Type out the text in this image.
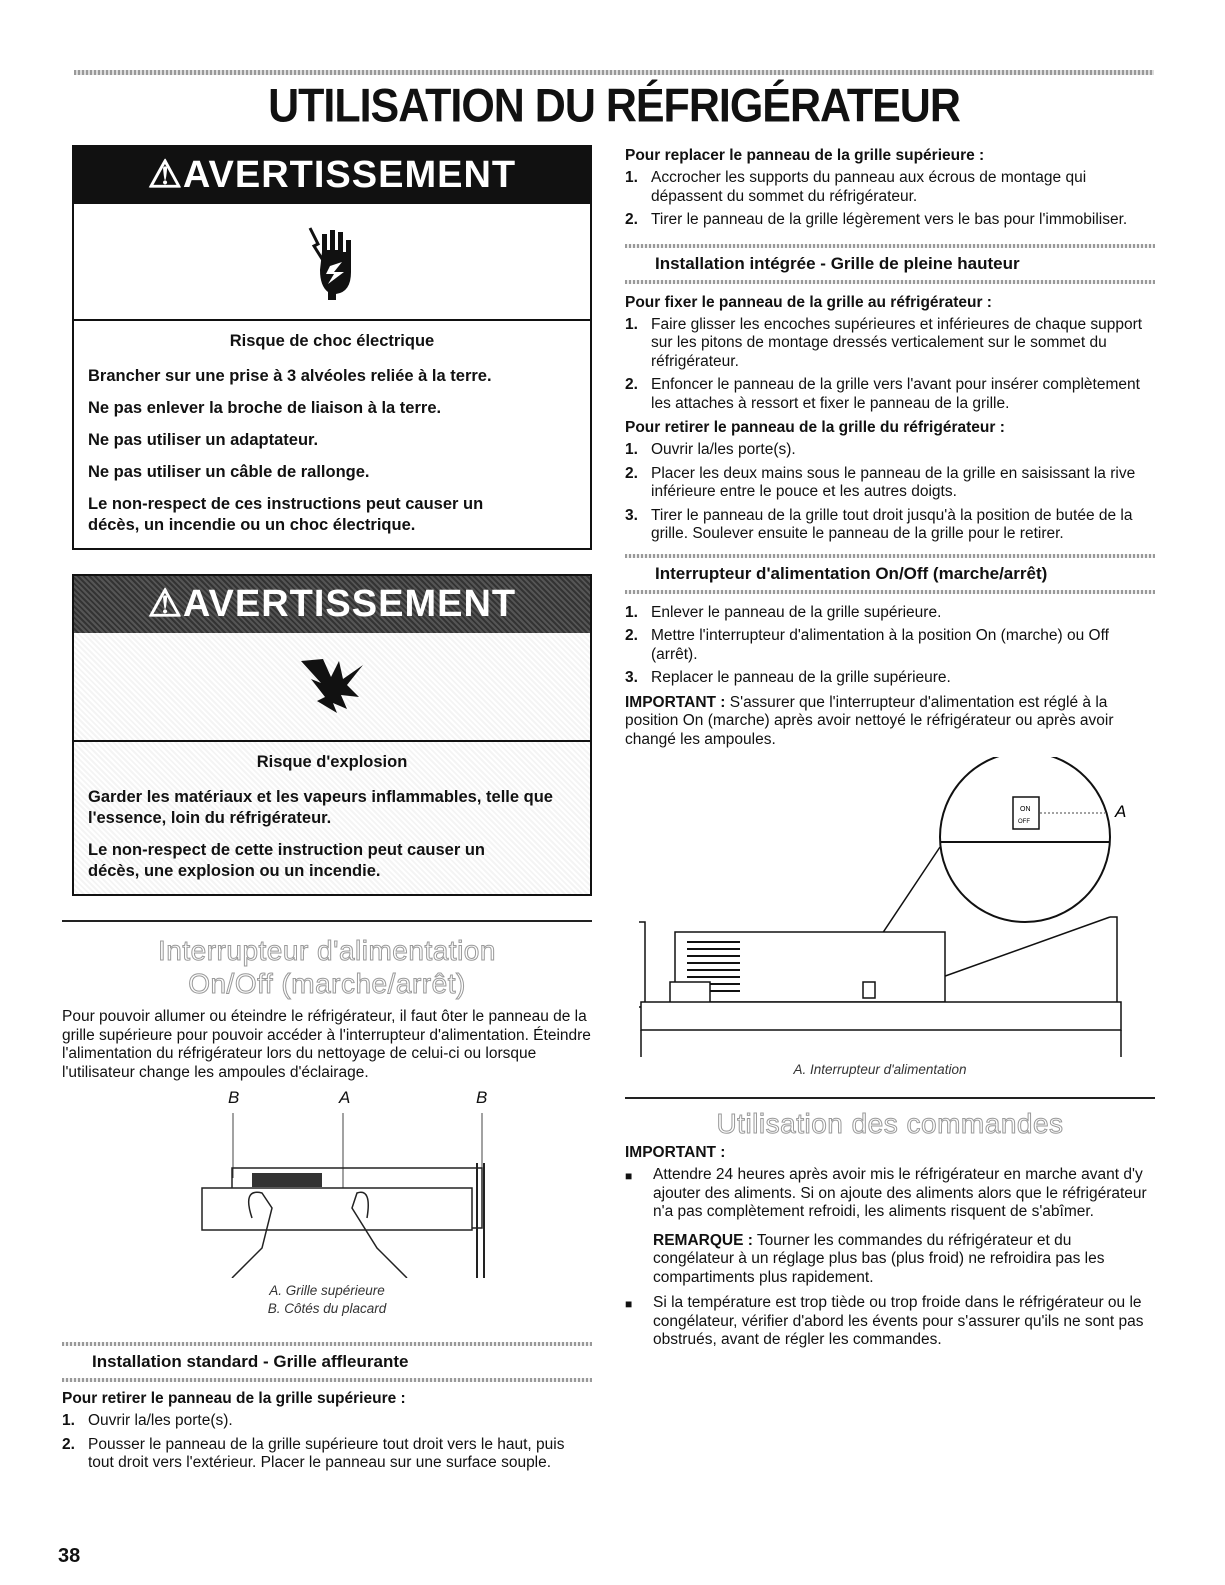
UTILISATION DU RÉFRIGÉRATEUR
⚠AVERTISSEMENT

Risque de choc électrique

Brancher sur une prise à 3 alvéoles reliée à la terre.

Ne pas enlever la broche de liaison à la terre.

Ne pas utiliser un adaptateur.

Ne pas utiliser un câble de rallonge.

Le non-respect de ces instructions peut causer un décès, un incendie ou un choc électrique.

⚠AVERTISSEMENT

Risque d'explosion

Garder les matériaux et les vapeurs inflammables, telle que l'essence, loin du réfrigérateur.

Le non-respect de cette instruction peut causer un décès, une explosion ou un incendie.

Interrupteur d'alimentation On/Off (marche/arrêt)

Pour pouvoir allumer ou éteindre le réfrigérateur, il faut ôter le panneau de la grille supérieure pour pouvoir accéder à l'interrupteur d'alimentation. Éteindre l'alimentation du réfrigérateur lors du nettoyage de celui-ci ou lorsque l'utilisateur change les ampoules d'éclairage.

B	A	B
A. Grille supérieure
B. Côtés du placard

Installation standard - Grille affleurante

Pour retirer le panneau de la grille supérieure :

1. Ouvrir la/les porte(s).
2. Pousser le panneau de la grille supérieure tout droit vers le haut, puis tout droit vers l'extérieur. Placer le panneau sur une surface souple.

Pour replacer le panneau de la grille supérieure :

1. Accrocher les supports du panneau aux écrous de montage qui dépassent du sommet du réfrigérateur.
2. Tirer le panneau de la grille légèrement vers le bas pour l'immobiliser.

Installation intégrée - Grille de pleine hauteur

Pour fixer le panneau de la grille au réfrigérateur :

1. Faire glisser les encoches supérieures et inférieures de chaque support sur les pitons de montage dressés verticalement sur le sommet du réfrigérateur.
2. Enfoncer le panneau de la grille vers l'avant pour insérer complètement les attaches à ressort et fixer le panneau de la grille.

Pour retirer le panneau de la grille du réfrigérateur :

1. Ouvrir la/les porte(s).
2. Placer les deux mains sous le panneau de la grille en saisissant la rive inférieure entre le pouce et les autres doigts.
3. Tirer le panneau de la grille tout droit jusqu'à la position de butée de la grille. Soulever ensuite le panneau de la grille pour le retirer.

Interrupteur d'alimentation On/Off (marche/arrêt)

1. Enlever le panneau de la grille supérieure.
2. Mettre l'interrupteur d'alimentation à la position On (marche) ou Off (arrêt).
3. Replacer le panneau de la grille supérieure.

IMPORTANT : S'assurer que l'interrupteur d'alimentation est réglé à la position On (marche) après avoir nettoyé le réfrigérateur ou après avoir changé les ampoules.

ON
OFF
A
A. Interrupteur d'alimentation
Utilisation des commandes

IMPORTANT :

■	Attendre 24 heures après avoir mis le réfrigérateur en marche avant d'y ajouter des aliments. Si on ajoute des aliments alors que le réfrigérateur n'a pas complètement refroidi, les aliments risquent de s'abîmer.

REMARQUE : Tourner les commandes du réfrigérateur et du congélateur à un réglage plus bas (plus froid) ne refroidira pas les compartiments plus rapidement.

■	Si la température est trop tiède ou trop froide dans le réfrigérateur ou le congélateur, vérifier d'abord les évents pour s'assurer qu'ils ne sont pas obstrués, avant de régler les commandes.
38
